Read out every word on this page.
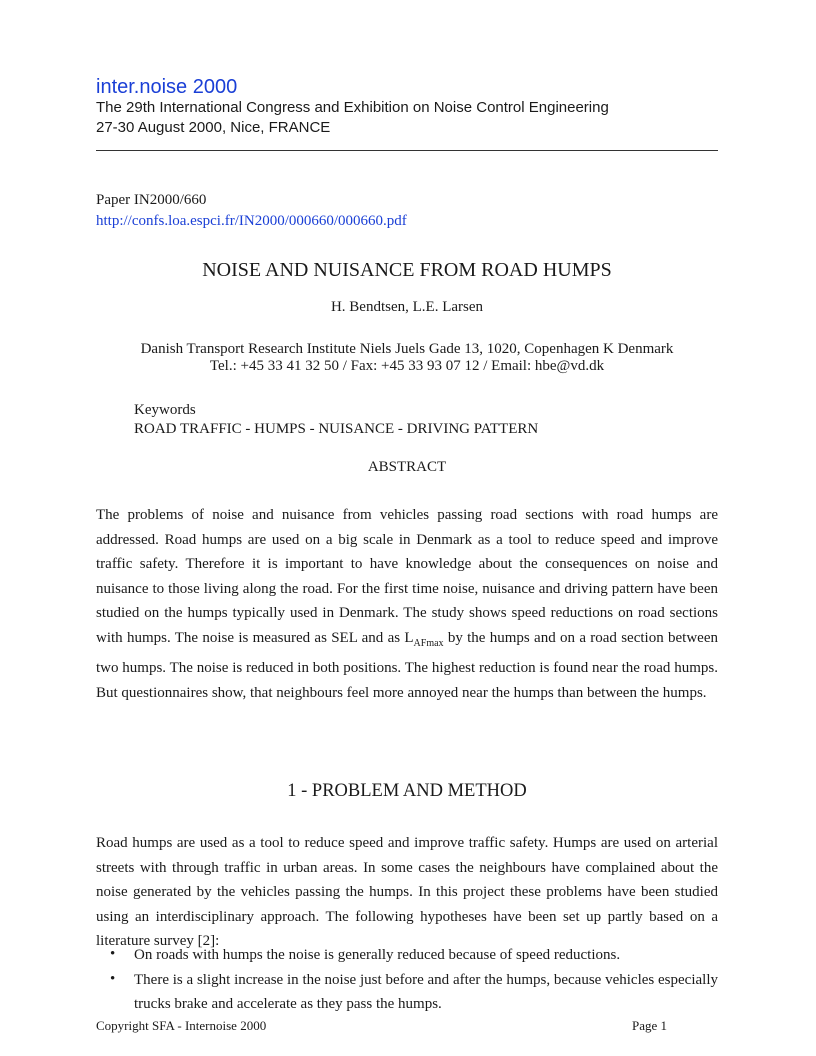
inter.noise 2000
The 29th International Congress and Exhibition on Noise Control Engineering
27-30 August 2000, Nice, FRANCE
Paper IN2000/660
http://confs.loa.espci.fr/IN2000/000660/000660.pdf
NOISE AND NUISANCE FROM ROAD HUMPS
H. Bendtsen, L.E. Larsen
Danish Transport Research Institute Niels Juels Gade 13, 1020, Copenhagen K Denmark
Tel.: +45 33 41 32 50 / Fax: +45 33 93 07 12 / Email: hbe@vd.dk
Keywords
ROAD TRAFFIC - HUMPS - NUISANCE - DRIVING PATTERN
ABSTRACT
The problems of noise and nuisance from vehicles passing road sections with road humps are addressed. Road humps are used on a big scale in Denmark as a tool to reduce speed and improve traffic safety. Therefore it is important to have knowledge about the consequences on noise and nuisance to those living along the road. For the first time noise, nuisance and driving pattern have been studied on the humps typically used in Denmark. The study shows speed reductions on road sections with humps. The noise is measured as SEL and as $L_{AFmax}$ by the humps and on a road section between two humps. The noise is reduced in both positions. The highest reduction is found near the road humps. But questionnaires show, that neighbours feel more annoyed near the humps than between the humps.
1 - PROBLEM AND METHOD
Road humps are used as a tool to reduce speed and improve traffic safety. Humps are used on arterial streets with through traffic in urban areas. In some cases the neighbours have complained about the noise generated by the vehicles passing the humps. In this project these problems have been studied using an interdisciplinary approach. The following hypotheses have been set up partly based on a literature survey [2]:
• On roads with humps the noise is generally reduced because of speed reductions.
• There is a slight increase in the noise just before and after the humps, because vehicles especially trucks brake and accelerate as they pass the humps.
Copyright SFA - Internoise 2000	Page 1
